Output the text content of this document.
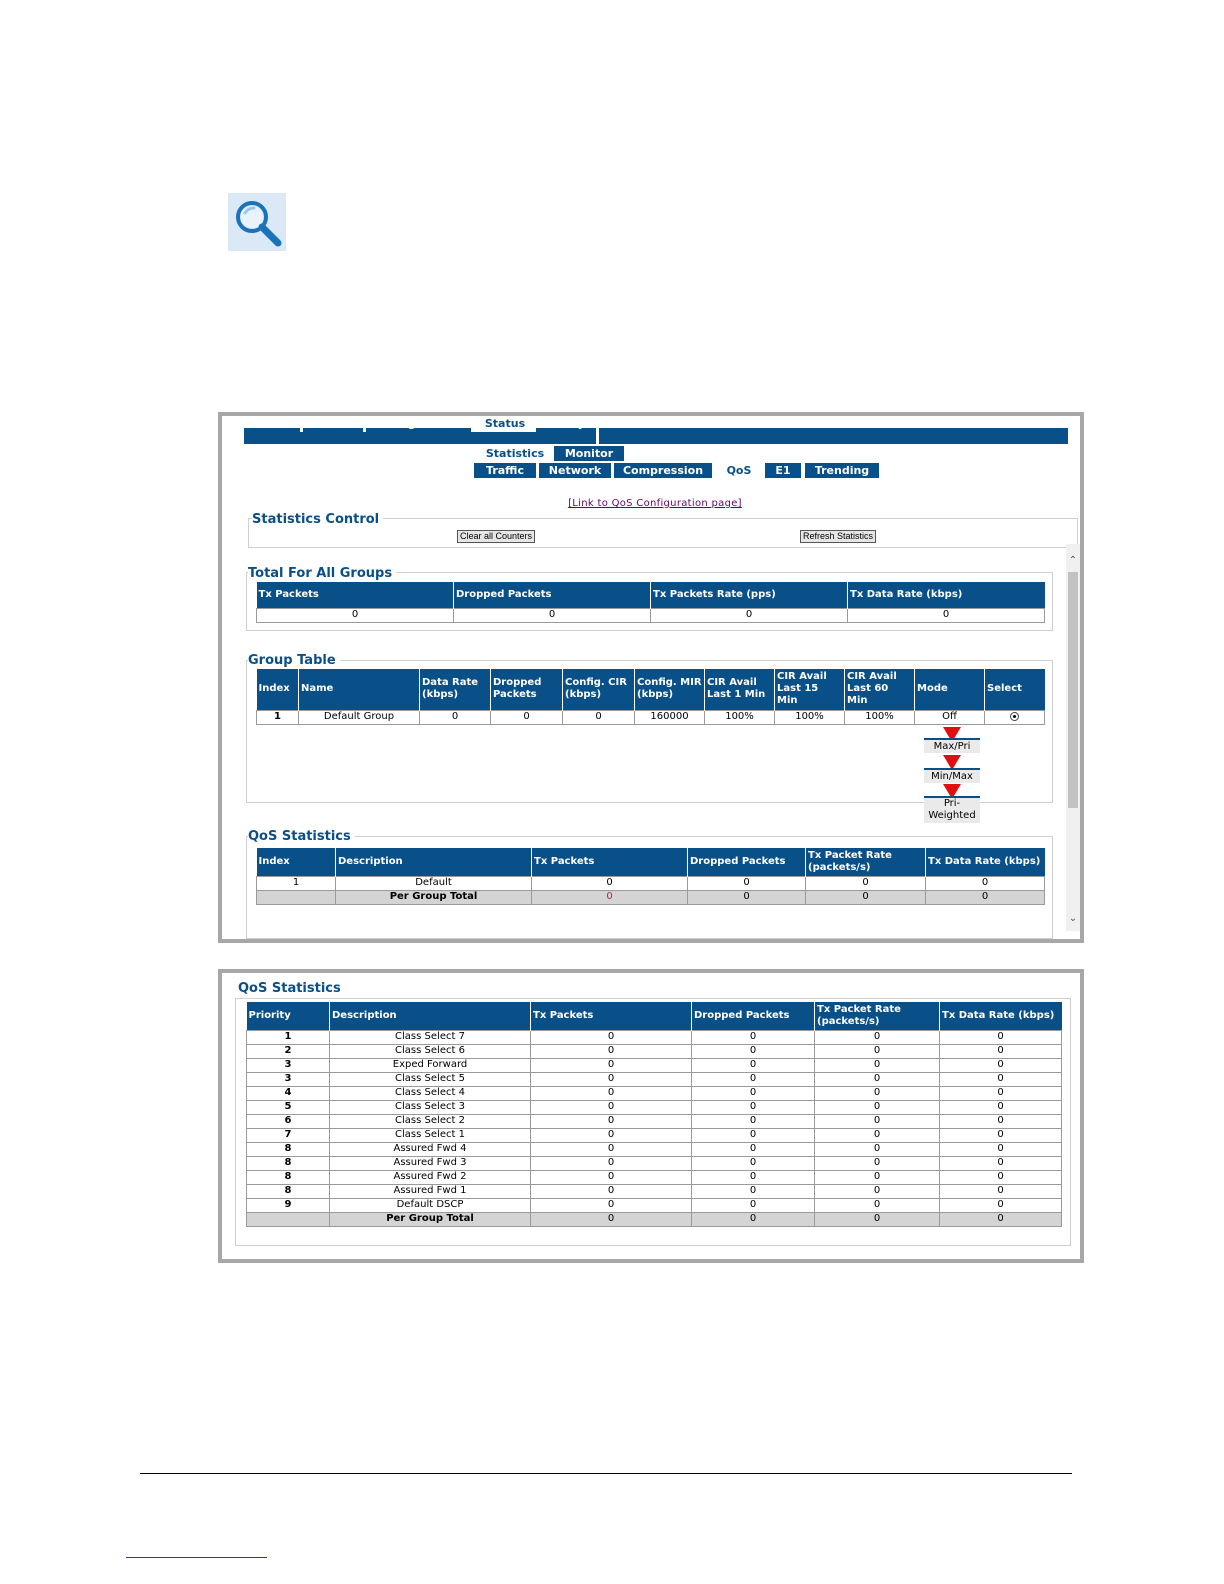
Home	Admin	Configuration	Status	Utility
Statistics	Monitor
Traffic	Network	Compression	QoS	E1	Trending
[Link to QoS Configuration page]
Statistics Control
Clear all Counters	Refresh Statistics
⌃
⌄
Total For All Groups
Tx Packets	Dropped Packets	Tx Packets Rate (pps)	Tx Data Rate (kbps)
0	0	0	0
Group Table
Index	Name	Data Rate (kbps)	Dropped Packets	Config. CIR (kbps)	Config. MIR (kbps)	CIR Avail Last 1 Min	CIR Avail Last 15 Min	CIR Avail Last 60 Min	Mode	Select
1	Default Group	0	0	0	160000	100%	100%	100%	Off	
Max/Pri
Min/Max
Pri-Weighted
QoS Statistics
Index	Description	Tx Packets	Dropped Packets	Tx Packet Rate (packets/s)	Tx Data Rate (kbps)
1	Default	0	0	0	0
	Per Group Total	0	0	0	0
QoS Statistics
Priority	Description	Tx Packets	Dropped Packets	Tx Packet Rate (packets/s)	Tx Data Rate (kbps)
1	Class Select 7	0	0	0	0
2	Class Select 6	0	0	0	0
3	Exped Forward	0	0	0	0
3	Class Select 5	0	0	0	0
4	Class Select 4	0	0	0	0
5	Class Select 3	0	0	0	0
6	Class Select 2	0	0	0	0
7	Class Select 1	0	0	0	0
8	Assured Fwd 4	0	0	0	0
8	Assured Fwd 3	0	0	0	0
8	Assured Fwd 2	0	0	0	0
8	Assured Fwd 1	0	0	0	0
9	Default DSCP	0	0	0	0
	Per Group Total	0	0	0	0
